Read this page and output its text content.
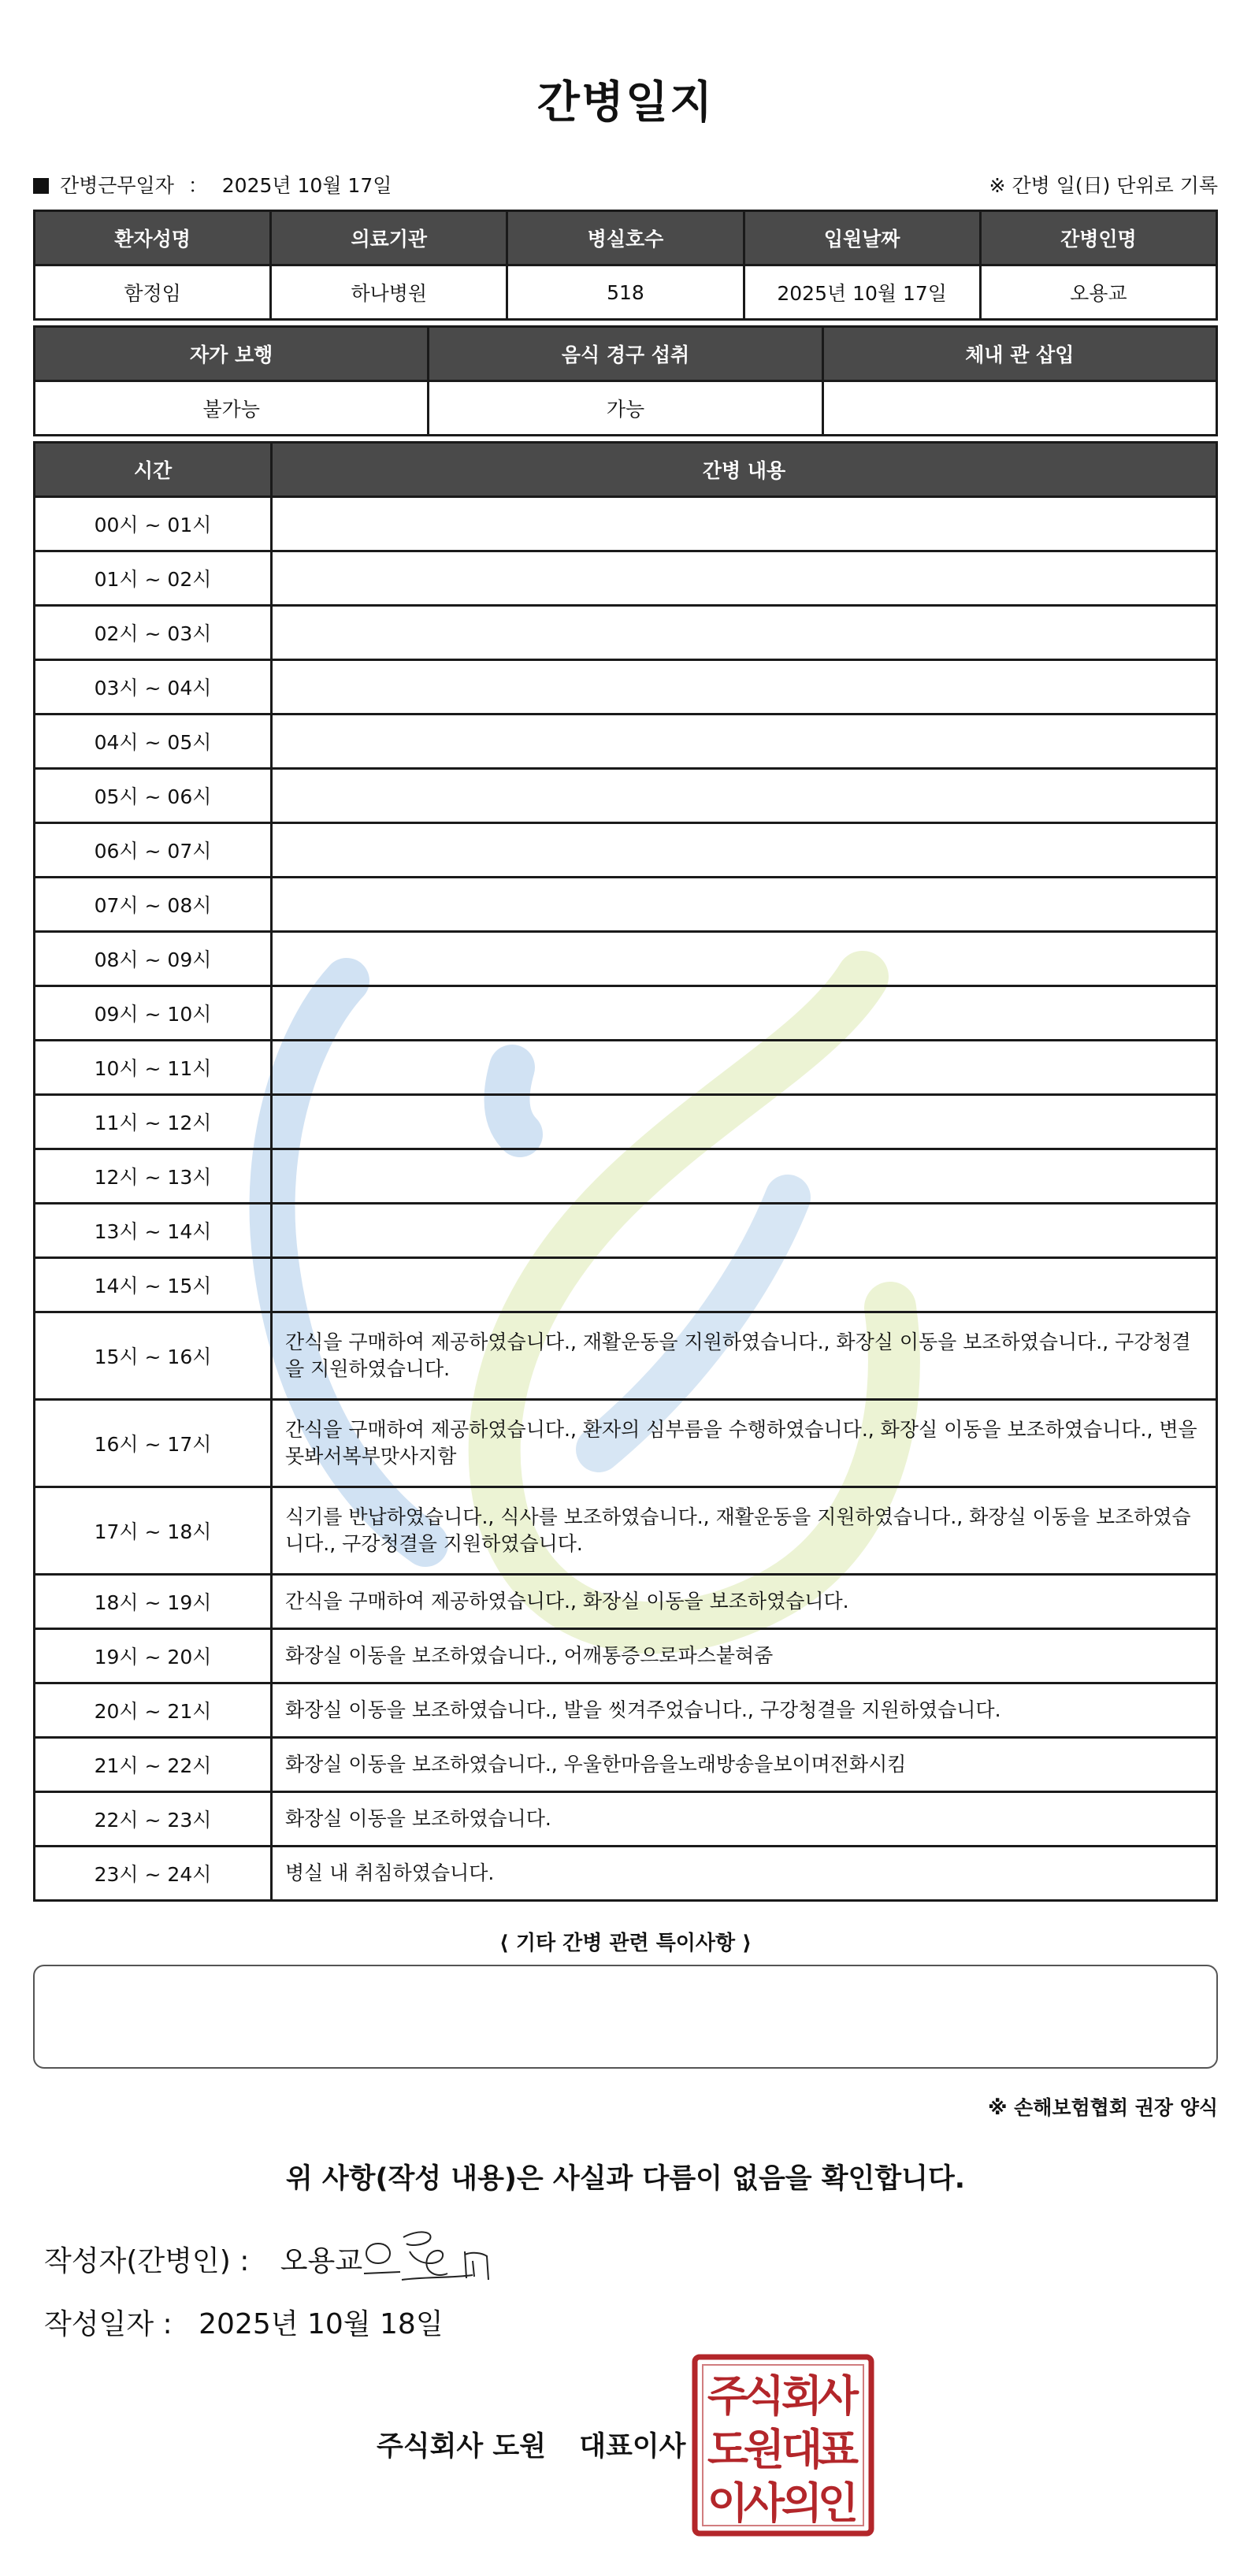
간병일지
간병근무일자 ： 2025년 10월 17일	※ 간병 일(日) 단위로 기록
환자성명	의료기관	병실호수	입원날짜	간병인명
함정임	하나병원	518	2025년 10월 17일	오용교
자가 보행	음식 경구 섭취	체내 관 삽입
불가능	가능	
시간	간병 내용
00시 ~ 01시	
01시 ~ 02시	
02시 ~ 03시	
03시 ~ 04시	
04시 ~ 05시	
05시 ~ 06시	
06시 ~ 07시	
07시 ~ 08시	
08시 ~ 09시	
09시 ~ 10시	
10시 ~ 11시	
11시 ~ 12시	
12시 ~ 13시	
13시 ~ 14시	
14시 ~ 15시	
15시 ~ 16시	간식을 구매하여 제공하였습니다., 재활운동을 지원하였습니다., 화장실 이동을 보조하였습니다., 구강청결을 지원하였습니다.
16시 ~ 17시	간식을 구매하여 제공하였습니다., 환자의 심부름을 수행하였습니다., 화장실 이동을 보조하였습니다., 변을못봐서복부맛사지함
17시 ~ 18시	식기를 반납하였습니다., 식사를 보조하였습니다., 재활운동을 지원하였습니다., 화장실 이동을 보조하였습니다., 구강청결을 지원하였습니다.
18시 ~ 19시	간식을 구매하여 제공하였습니다., 화장실 이동을 보조하였습니다.
19시 ~ 20시	화장실 이동을 보조하였습니다., 어깨통증으로파스붙혀줌
20시 ~ 21시	화장실 이동을 보조하였습니다., 발을 씻겨주었습니다., 구강청결을 지원하였습니다.
21시 ~ 22시	화장실 이동을 보조하였습니다., 우울한마음을노래방송을보이며전화시킴
22시 ~ 23시	화장실 이동을 보조하였습니다.
23시 ~ 24시	병실 내 취침하였습니다.
⟨ 기타 간병 관련 특이사항 ⟩
※ 손해보험협회 권장 양식
위 사항(작성 내용)은 사실과 다름이 없음을 확인합니다.
작성자(간병인) : 오용교
작성일자 : 2025년 10월 18일
주식회사 도원 대표이사
주
식
회
사
도
원
대
표
이
사
의
인
